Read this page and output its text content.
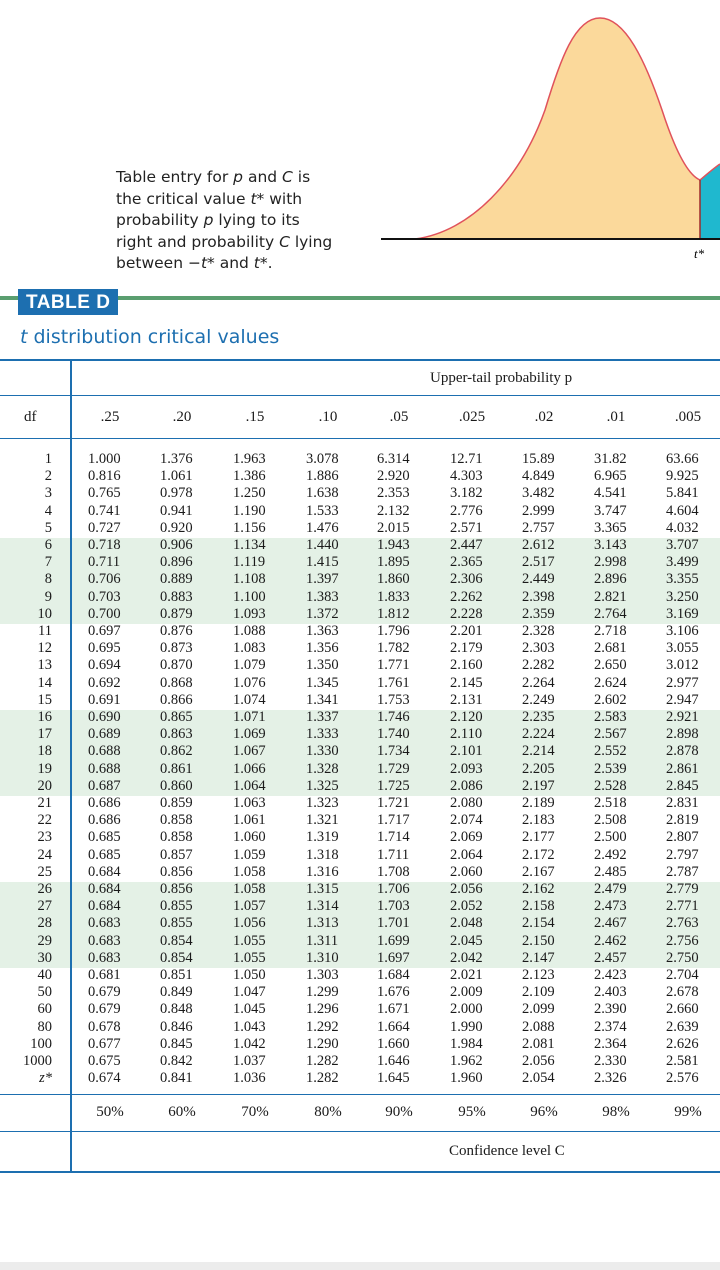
t*
Table entry for p and C is
the critical value t* with
probability p lying to its
right and probability C lying
between −t* and t*.
TABLE D
t distribution critical values
Upper-tail probability p
df	.25	.20	.15	.10	.05	.025	.02	.01	.005
1 1.000	1.376	1.963	3.078	6.314	12.71	15.89	31.82	63.66
2 0.816	1.061	1.386	1.886	2.920	4.303	4.849	6.965	9.925
3 0.765	0.978	1.250	1.638	2.353	3.182	3.482	4.541	5.841
4 0.741	0.941	1.190	1.533	2.132	2.776	2.999	3.747	4.604
5 0.727	0.920	1.156	1.476	2.015	2.571	2.757	3.365	4.032
6 0.718	0.906	1.134	1.440	1.943	2.447	2.612	3.143	3.707
7 0.711	0.896	1.119	1.415	1.895	2.365	2.517	2.998	3.499
8 0.706	0.889	1.108	1.397	1.860	2.306	2.449	2.896	3.355
9 0.703	0.883	1.100	1.383	1.833	2.262	2.398	2.821	3.250
10 0.700	0.879	1.093	1.372	1.812	2.228	2.359	2.764	3.169
11 0.697	0.876	1.088	1.363	1.796	2.201	2.328	2.718	3.106
12 0.695	0.873	1.083	1.356	1.782	2.179	2.303	2.681	3.055
13 0.694	0.870	1.079	1.350	1.771	2.160	2.282	2.650	3.012
14 0.692	0.868	1.076	1.345	1.761	2.145	2.264	2.624	2.977
15 0.691	0.866	1.074	1.341	1.753	2.131	2.249	2.602	2.947
16 0.690	0.865	1.071	1.337	1.746	2.120	2.235	2.583	2.921
17 0.689	0.863	1.069	1.333	1.740	2.110	2.224	2.567	2.898
18 0.688	0.862	1.067	1.330	1.734	2.101	2.214	2.552	2.878
19 0.688	0.861	1.066	1.328	1.729	2.093	2.205	2.539	2.861
20 0.687	0.860	1.064	1.325	1.725	2.086	2.197	2.528	2.845
21 0.686	0.859	1.063	1.323	1.721	2.080	2.189	2.518	2.831
22 0.686	0.858	1.061	1.321	1.717	2.074	2.183	2.508	2.819
23 0.685	0.858	1.060	1.319	1.714	2.069	2.177	2.500	2.807
24 0.685	0.857	1.059	1.318	1.711	2.064	2.172	2.492	2.797
25 0.684	0.856	1.058	1.316	1.708	2.060	2.167	2.485	2.787
26 0.684	0.856	1.058	1.315	1.706	2.056	2.162	2.479	2.779
27 0.684	0.855	1.057	1.314	1.703	2.052	2.158	2.473	2.771
28 0.683	0.855	1.056	1.313	1.701	2.048	2.154	2.467	2.763
29 0.683	0.854	1.055	1.311	1.699	2.045	2.150	2.462	2.756
30 0.683	0.854	1.055	1.310	1.697	2.042	2.147	2.457	2.750
40 0.681	0.851	1.050	1.303	1.684	2.021	2.123	2.423	2.704
50 0.679	0.849	1.047	1.299	1.676	2.009	2.109	2.403	2.678
60 0.679	0.848	1.045	1.296	1.671	2.000	2.099	2.390	2.660
80 0.678	0.846	1.043	1.292	1.664	1.990	2.088	2.374	2.639
100 0.677	0.845	1.042	1.290	1.660	1.984	2.081	2.364	2.626
1000 0.675	0.842	1.037	1.282	1.646	1.962	2.056	2.330	2.581
z* 0.674	0.841	1.036	1.282	1.645	1.960	2.054	2.326	2.576
50%	60%	70%	80%	90%	95%	96%	98%	99%
Confidence level C
